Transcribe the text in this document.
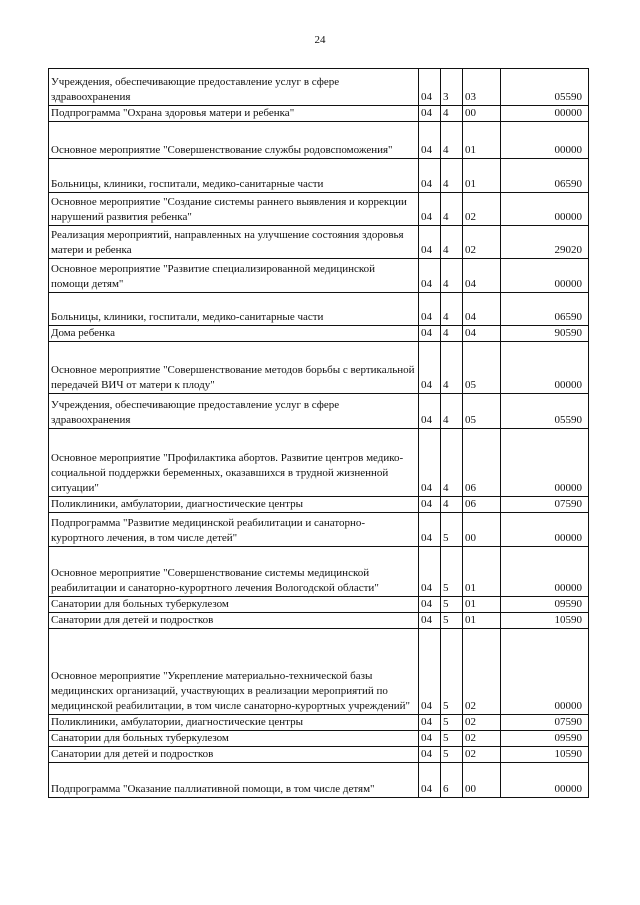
24
Учреждения, обеспечивающие предоставление услуг в сфере здравоохранения	04	3	03	05590
Подпрограмма "Охрана здоровья матери и ребенка"	04	4	00	00000
Основное мероприятие "Совершенствование службы родовспоможения"	04	4	01	00000
Больницы, клиники, госпитали, медико-санитарные части	04	4	01	06590
Основное мероприятие "Создание системы раннего выявления и коррекции нарушений развития ребенка"	04	4	02	00000
Реализация мероприятий, направленных на улучшение состояния здоровья матери и ребенка	04	4	02	29020
Основное мероприятие "Развитие специализированной медицинской помощи детям"	04	4	04	00000
Больницы, клиники, госпитали, медико-санитарные части	04	4	04	06590
Дома ребенка	04	4	04	90590
Основное мероприятие "Совершенствование методов борьбы с вертикальной передачей ВИЧ от матери к плоду"	04	4	05	00000
Учреждения, обеспечивающие предоставление услуг в сфере здравоохранения	04	4	05	05590
Основное мероприятие "Профилактика абортов. Развитие центров медико-социальной поддержки беременных, оказавшихся в трудной жизненной ситуации"	04	4	06	00000
Поликлиники, амбулатории, диагностические центры	04	4	06	07590
Подпрограмма "Развитие медицинской реабилитации и санаторно-курортного лечения, в том числе детей"	04	5	00	00000
Основное мероприятие "Совершенствование системы медицинской реабилитации и санаторно-курортного лечения Вологодской области"	04	5	01	00000
Санатории для больных туберкулезом	04	5	01	09590
Санатории для детей и подростков	04	5	01	10590
Основное мероприятие "Укрепление материально-технической базы медицинских организаций, участвующих в реализации мероприятий по медицинской реабилитации, в том числе санаторно-курортных учреждений"	04	5	02	00000
Поликлиники, амбулатории, диагностические центры	04	5	02	07590
Санатории для больных туберкулезом	04	5	02	09590
Санатории для детей и подростков	04	5	02	10590
Подпрограмма "Оказание паллиативной помощи, в том числе детям"	04	6	00	00000
